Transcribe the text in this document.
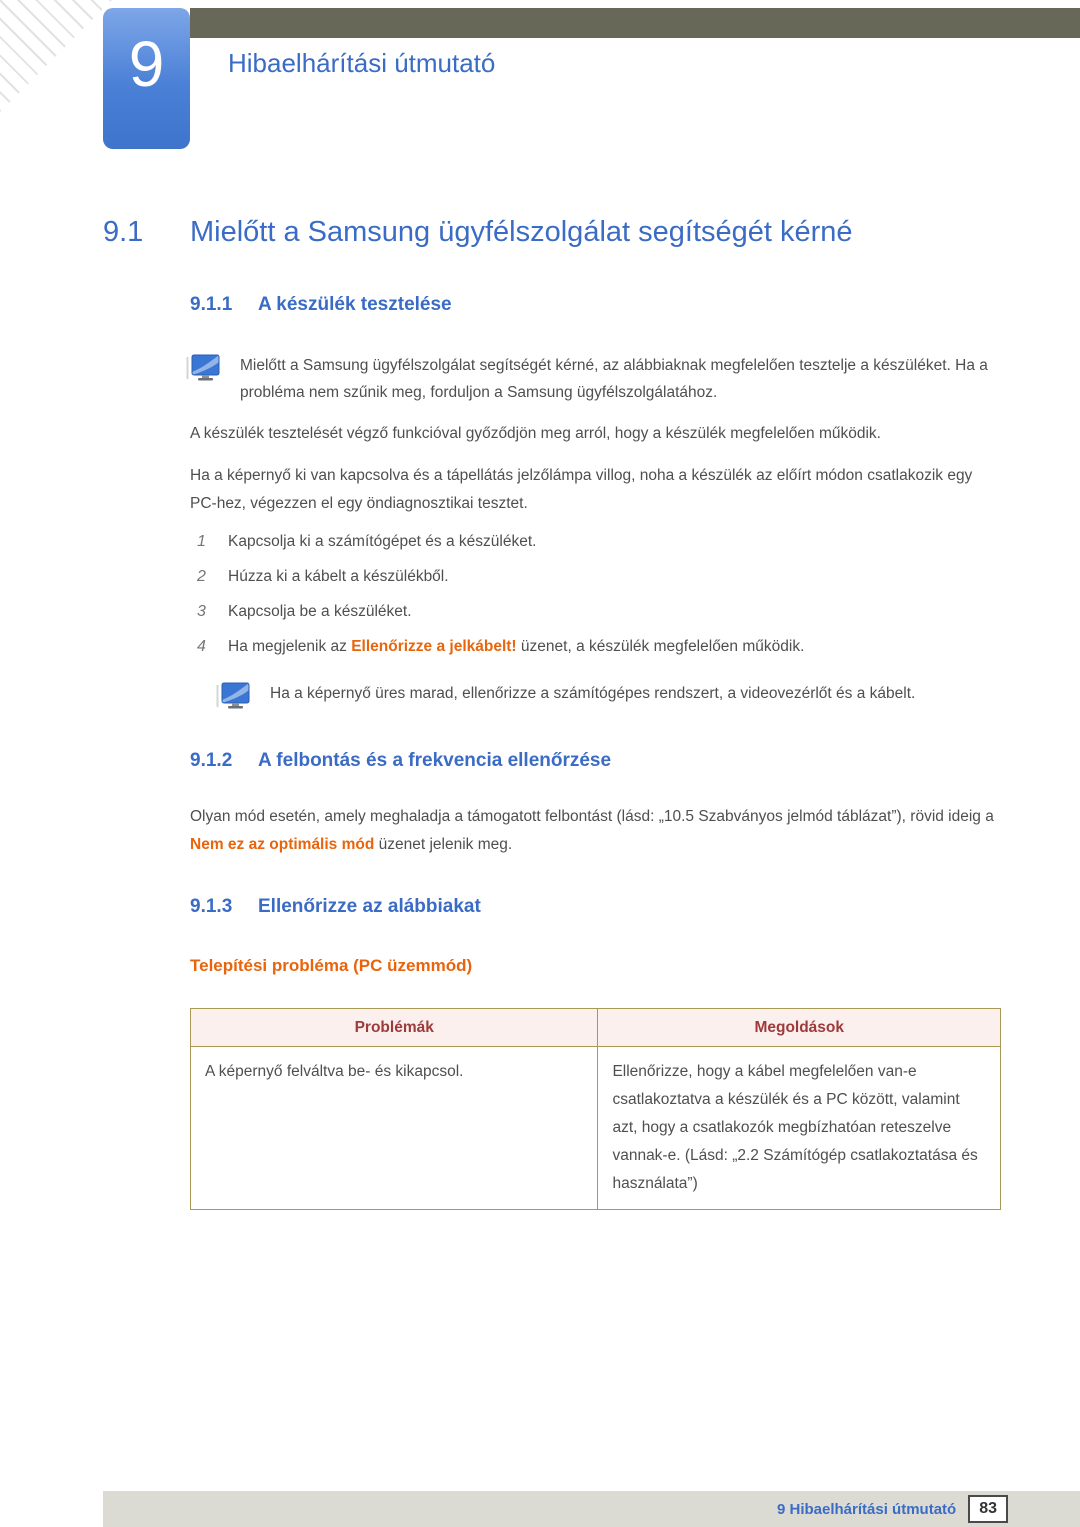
9	Hibaelhárítási útmutató
9.1	Mielőtt a Samsung ügyfélszolgálat segítségét kérné
9.1.1	A készülék tesztelése
Mielőtt a Samsung ügyfélszolgálat segítségét kérné, az alábbiaknak megfelelően tesztelje a készüléket. Ha a probléma nem szűnik meg, forduljon a Samsung ügyfélszolgálatához.
A készülék tesztelését végző funkcióval győződjön meg arról, hogy a készülék megfelelően működik.
Ha a képernyő ki van kapcsolva és a tápellátás jelzőlámpa villog, noha a készülék az előírt módon csatlakozik egy PC-hez, végezzen el egy öndiagnosztikai tesztet.
1	Kapcsolja ki a számítógépet és a készüléket.
2	Húzza ki a kábelt a készülékből.
3	Kapcsolja be a készüléket.
4	Ha megjelenik az Ellenőrizze a jelkábelt! üzenet, a készülék megfelelően működik.
Ha a képernyő üres marad, ellenőrizze a számítógépes rendszert, a videovezérlőt és a kábelt.
9.1.2	A felbontás és a frekvencia ellenőrzése
Olyan mód esetén, amely meghaladja a támogatott felbontást (lásd: „10.5 Szabványos jelmód táblázat”), rövid ideig a Nem ez az optimális mód üzenet jelenik meg.
9.1.3	Ellenőrizze az alábbiakat
Telepítési probléma (PC üzemmód)
Problémák	Megoldások
A képernyő felváltva be- és kikapcsol.	Ellenőrizze, hogy a kábel megfelelően van-e csatlakoztatva a készülék és a PC között, valamint azt, hogy a csatlakozók megbízhatóan reteszelve vannak-e. (Lásd: „2.2 Számítógép csatlakoztatása és használata”)
9 Hibaelhárítási útmutató	83
